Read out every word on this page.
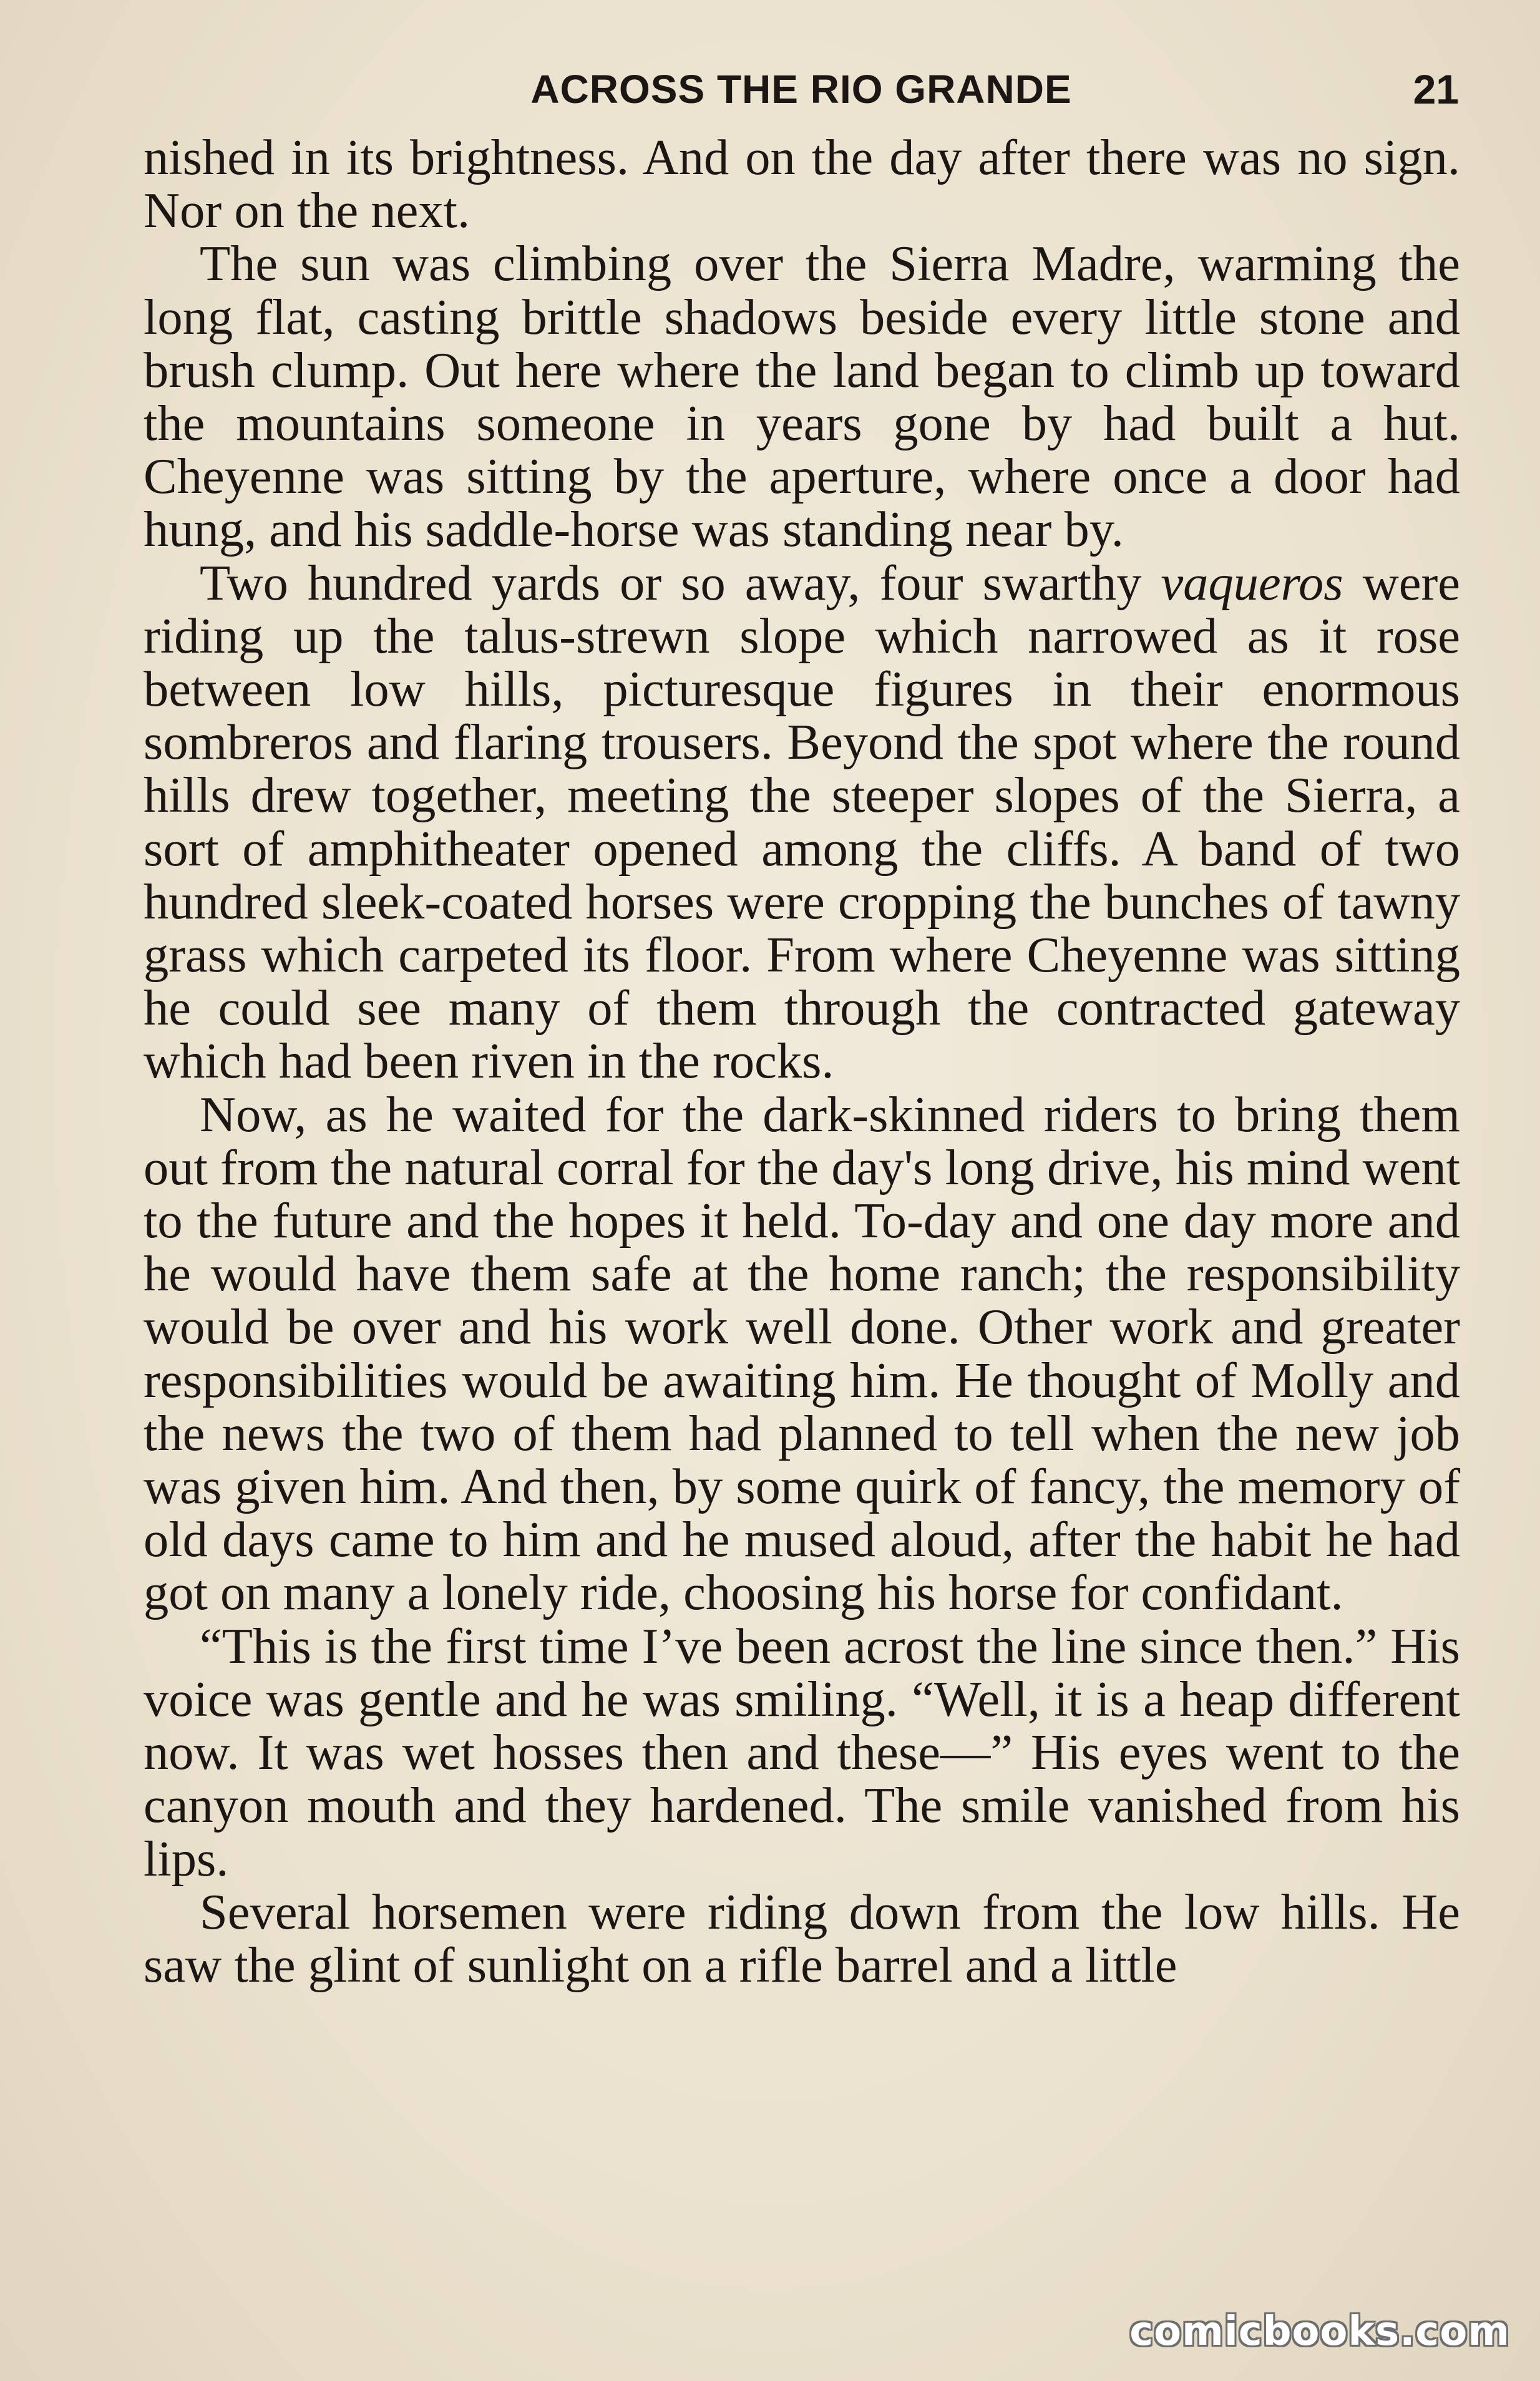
ACROSS THE RIO GRANDE	21

nished in its brightness. And on the day after there was no sign. Nor on the next.

The sun was climbing over the Sierra Madre, warming the long flat, casting brittle shadows beside every little stone and brush clump. Out here where the land began to climb up toward the mountains someone in years gone by had built a hut. Cheyenne was sitting by the aperture, where once a door had hung, and his saddle-horse was standing near by.

Two hundred yards or so away, four swarthy vaqueros were riding up the talus-strewn slope which narrowed as it rose between low hills, picturesque figures in their enormous sombreros and flaring trousers. Beyond the spot where the round hills drew together, meeting the steeper slopes of the Sierra, a sort of amphitheater opened among the cliffs. A band of two hundred sleek-coated horses were cropping the bunches of tawny grass which carpeted its floor. From where Cheyenne was sitting he could see many of them through the contracted gateway which had been riven in the rocks.

Now, as he waited for the dark-skinned riders to bring them out from the natural corral for the day's long drive, his mind went to the future and the hopes it held. To-day and one day more and he would have them safe at the home ranch; the responsibility would be over and his work well done. Other work and greater responsibilities would be awaiting him. He thought of Molly and the news the two of them had planned to tell when the new job was given him. And then, by some quirk of fancy, the memory of old days came to him and he mused aloud, after the habit he had got on many a lonely ride, choosing his horse for confidant.

“This is the first time I’ve been acrost the line since then.” His voice was gentle and he was smiling. “Well, it is a heap different now. It was wet hosses then and these—” His eyes went to the canyon mouth and they hardened. The smile vanished from his lips.

Several horsemen were riding down from the low hills. He saw the glint of sunlight on a rifle barrel and a little

comicbooks.com
